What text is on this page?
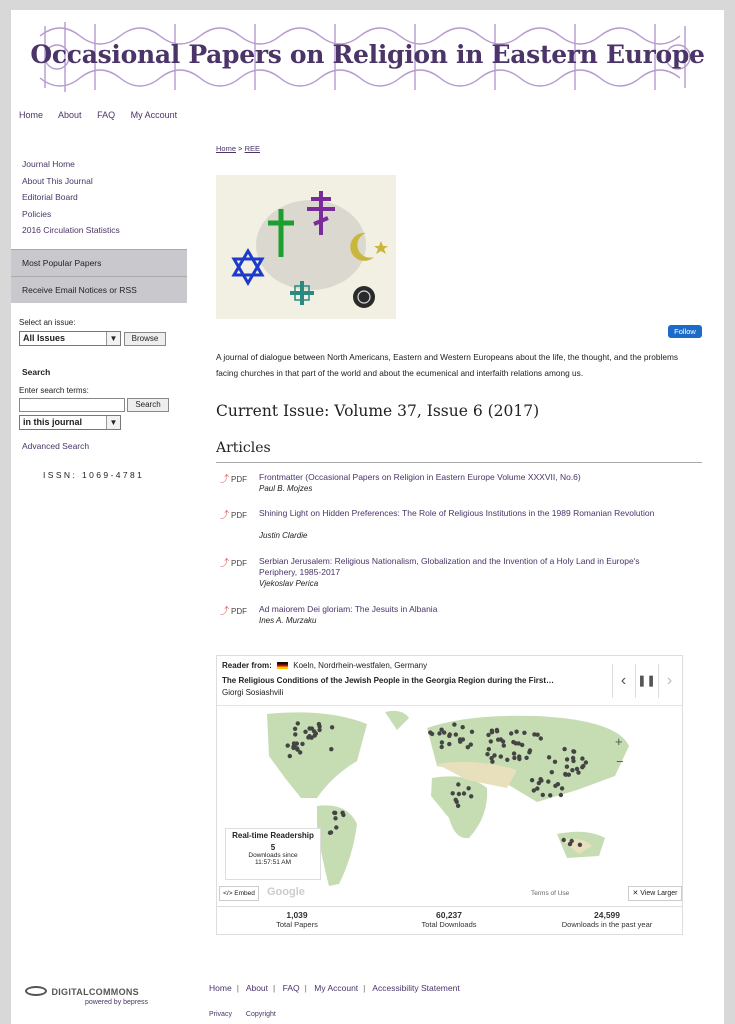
Occasional Papers on Religion in Eastern Europe
Home About FAQ My Account
Journal Home
About This Journal
Editorial Board
Policies
2016 Circulation Statistics
Most Popular Papers
Receive Email Notices or RSS
Select an issue:
All Issues	▼	Browse
Search
Enter search terms:
Search
in this journal	▼
Advanced Search
ISSN: 1069-4781
Home > REE
Follow
A journal of dialogue between North Americans, Eastern and Western Europeans about the life, the thought, and the problems facing churches in that part of the world and about the ecumenical and interfaith relations among us.
Current Issue: Volume 37, Issue 6 (2017)
Articles
⤴ PDF Frontmatter (Occasional Papers on Religion in Eastern Europe Volume XXXVII, No.6)
Paul B. Mojzes
⤴ PDF Shining Light on Hidden Preferences: The Role of Religious Institutions in the 1989 Romanian Revolution
Justin Clardie
⤴ PDF Serbian Jerusalem: Religious Nationalism, Globalization and the Invention of a Holy Land in Europe's Periphery, 1985-2017
Vjekoslav Perica
⤴ PDF Ad maiorem Dei gloriam: The Jesuits in Albania
Ines A. Murzaku
Reader from:	Koeln, Nordrhein-westfalen, Germany
The Religious Conditions of the Jewish People in the Georgia Region during the First…
Giorgi Sosiashvili
‹	❚❚ ›
+
−
Real-time Readership
5
Downloads since
11:57:51 AM
</> Embed	Google	Terms of Use	✕ View Larger
1,039
Total Papers
60,237
Total Downloads
24,599
Downloads in the past year
DIGITALCOMMONS
powered by bepress
Home | About | FAQ | My Account | Accessibility Statement
Privacy Copyright
